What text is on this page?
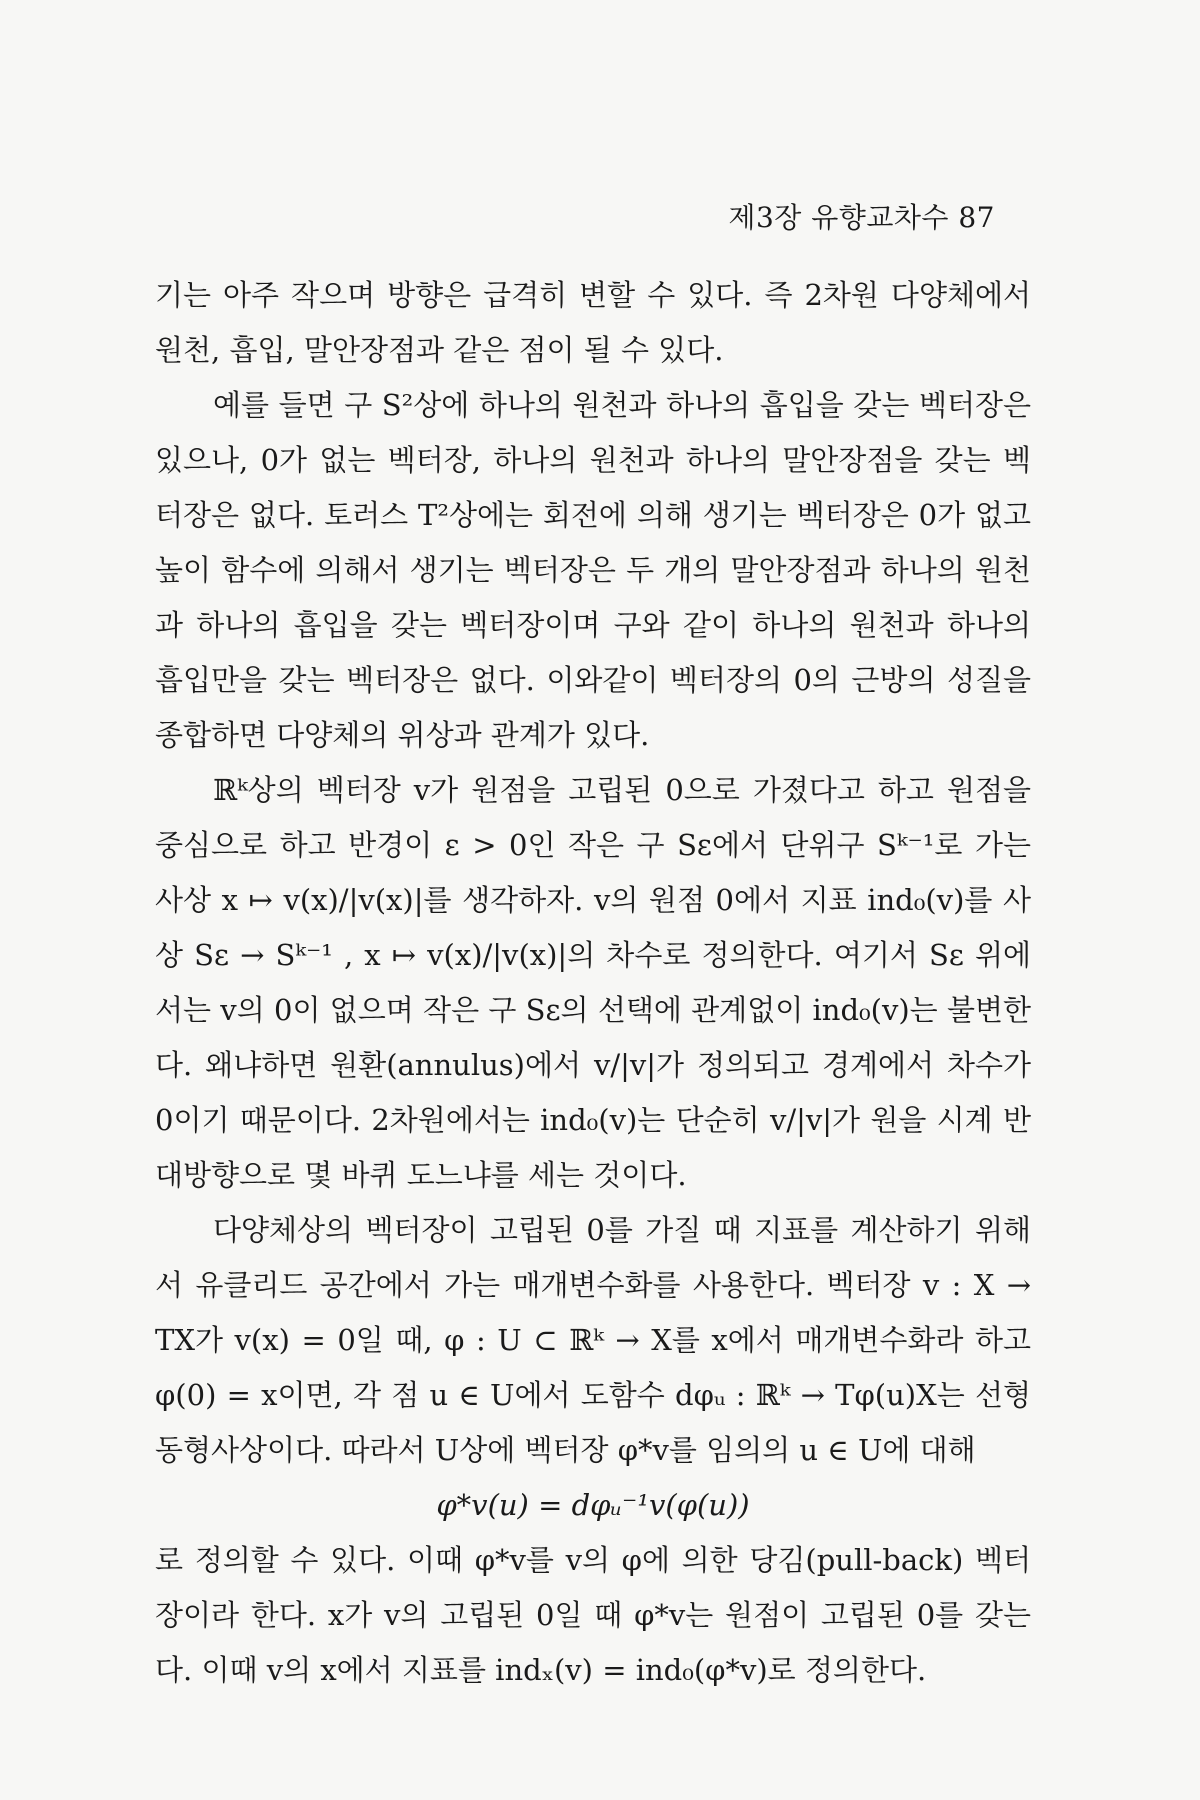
제3장 유향교차수 87

기는 아주 작으며 방향은 급격히 변할 수 있다. 즉 2차원 다양체에서 원천, 흡입, 말안장점과 같은 점이 될 수 있다.

예를 들면 구 S²상에 하나의 원천과 하나의 흡입을 갖는 벡터장은 있으나, 0가 없는 벡터장, 하나의 원천과 하나의 말안장점을 갖는 벡터장은 없다. 토러스 T²상에는 회전에 의해 생기는 벡터장은 0가 없고 높이 함수에 의해서 생기는 벡터장은 두 개의 말안장점과 하나의 원천과 하나의 흡입을 갖는 벡터장이며 구와 같이 하나의 원천과 하나의 흡입만을 갖는 벡터장은 없다. 이와같이 벡터장의 0의 근방의 성질을 종합하면 다양체의 위상과 관계가 있다.

ℝᵏ상의 벡터장 v가 원점을 고립된 0으로 가졌다고 하고 원점을 중심으로 하고 반경이 ε > 0인 작은 구 Sε에서 단위구 Sᵏ⁻¹로 가는 사상 x ↦ v(x)/|v(x)|를 생각하자. v의 원점 0에서 지표 ind₀(v)를 사상 Sε → Sᵏ⁻¹ , x ↦ v(x)/|v(x)|의 차수로 정의한다. 여기서 Sε 위에서는 v의 0이 없으며 작은 구 Sε의 선택에 관계없이 ind₀(v)는 불변한다. 왜냐하면 원환(annulus)에서 v/|v|가 정의되고 경계에서 차수가 0이기 때문이다. 2차원에서는 ind₀(v)는 단순히 v/|v|가 원을 시계 반대방향으로 몇 바퀴 도느냐를 세는 것이다.

다양체상의 벡터장이 고립된 0를 가질 때 지표를 계산하기 위해서 유클리드 공간에서 가는 매개변수화를 사용한다. 벡터장 v : X → TX가 v(x) = 0일 때, φ : U ⊂ ℝᵏ → X를 x에서 매개변수화라 하고 φ(0) = x이면, 각 점 u ∈ U에서 도함수 dφᵤ : ℝᵏ → Tφ(u)X는 선형동형사상이다. 따라서 U상에 벡터장 φ*v를 임의의 u ∈ U에 대해

φ*v(u) = dφᵤ⁻¹v(φ(u))

로 정의할 수 있다. 이때 φ*v를 v의 φ에 의한 당김(pull-back) 벡터장이라 한다. x가 v의 고립된 0일 때 φ*v는 원점이 고립된 0를 갖는다. 이때 v의 x에서 지표를 indₓ(v) = ind₀(φ*v)로 정의한다.
